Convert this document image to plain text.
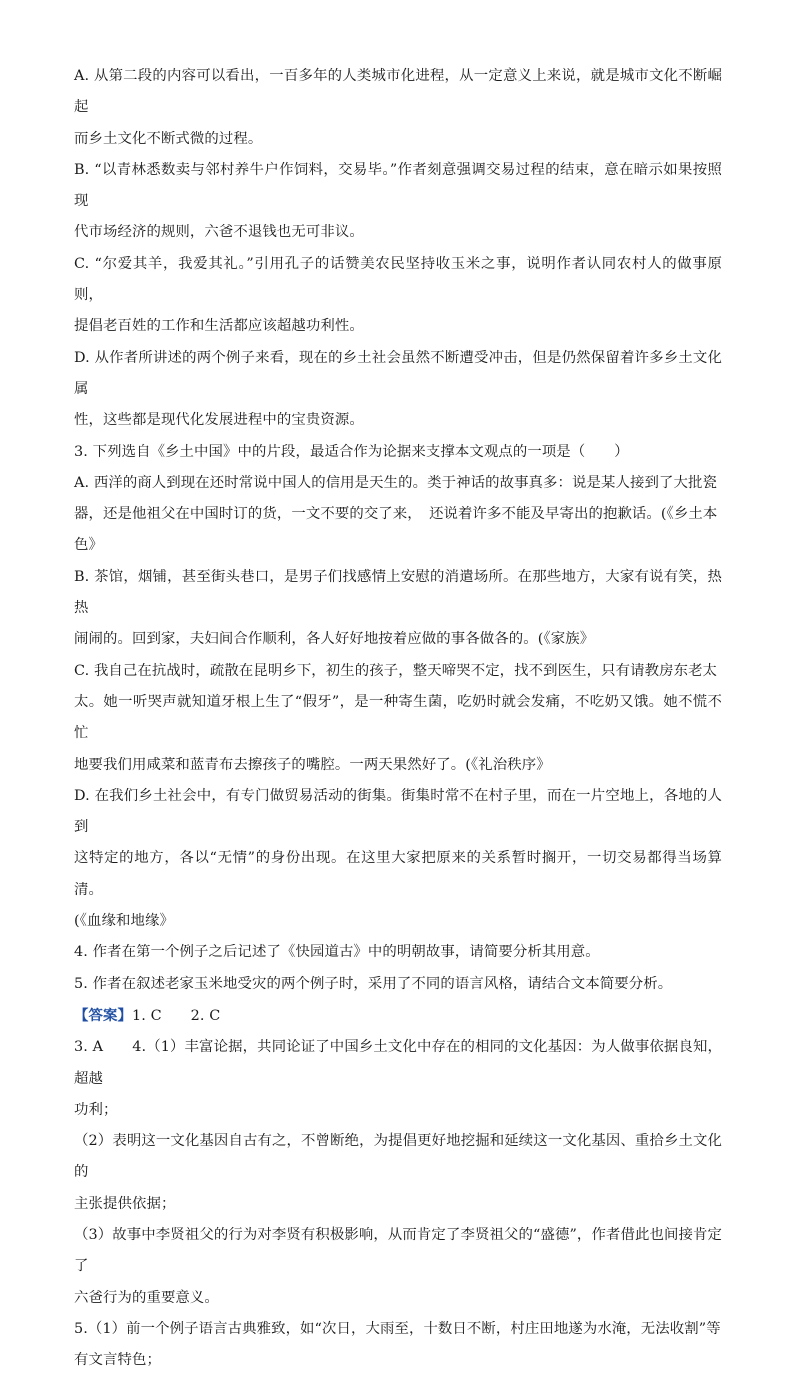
A. 从第二段的内容可以看出，一百多年的人类城市化进程，从一定意义上来说，就是城市文化不断崛起

而乡土文化不断式微的过程。

B. “以青林悉数卖与邻村养牛户作饲料，交易毕。”作者刻意强调交易过程的结束，意在暗示如果按照现

代市场经济的规则，六爸不退钱也无可非议。

C. “尔爱其羊，我爱其礼。”引用孔子的话赞美农民坚持收玉米之事，说明作者认同农村人的做事原则，

提倡老百姓的工作和生活都应该超越功利性。

D. 从作者所讲述的两个例子来看，现在的乡土社会虽然不断遭受冲击，但是仍然保留着许多乡土文化属

性，这些都是现代化发展进程中的宝贵资源。

3. 下列选自《乡土中国》中的片段，最适合作为论据来支撑本文观点的一项是（　　）

A. 西洋的商人到现在还时常说中国人的信用是天生的。类于神话的故事真多：说是某人接到了大批瓷

器，还是他祖父在中国时订的货，一文不要的交了来，　还说着许多不能及早寄出的抱歉话。(《乡土本

色》

B. 茶馆，烟铺，甚至街头巷口，是男子们找感情上安慰的消遣场所。在那些地方，大家有说有笑，热热

闹闹的。回到家，夫妇间合作顺利，各人好好地按着应做的事各做各的。(《家族》

C. 我自己在抗战时，疏散在昆明乡下，初生的孩子，整天啼哭不定，找不到医生，只有请教房东老太

太。她一听哭声就知道牙根上生了“假牙”，是一种寄生菌，吃奶时就会发痛，不吃奶又饿。她不慌不忙

地要我们用咸菜和蓝青布去擦孩子的嘴腔。一两天果然好了。(《礼治秩序》

D. 在我们乡土社会中，有专门做贸易活动的街集。街集时常不在村子里，而在一片空地上，各地的人到

这特定的地方，各以“无情”的身份出现。在这里大家把原来的关系暂时搁开，一切交易都得当场算清。

(《血缘和地缘》

4. 作者在第一个例子之后记述了《快园道古》中的明朝故事，请简要分析其用意。

5. 作者在叙述老家玉米地受灾的两个例子时，采用了不同的语言风格，请结合文本简要分析。

【答案】1. C　　2. C

3. A　　4.（1）丰富论据，共同论证了中国乡土文化中存在的相同的文化基因：为人做事依据良知，超越

功利；

（2）表明这一文化基因自古有之，不曾断绝，为提倡更好地挖掘和延续这一文化基因、重拾乡土文化的

主张提供依据；

（3）故事中李贤祖父的行为对李贤有积极影响，从而肯定了李贤祖父的“盛德”，作者借此也间接肯定了

六爸行为的重要意义。

5.（1）前一个例子语言古典雅致，如“次日，大雨至，十数日不断，村庄田地遂为水淹，无法收割”等

有文言特色；
